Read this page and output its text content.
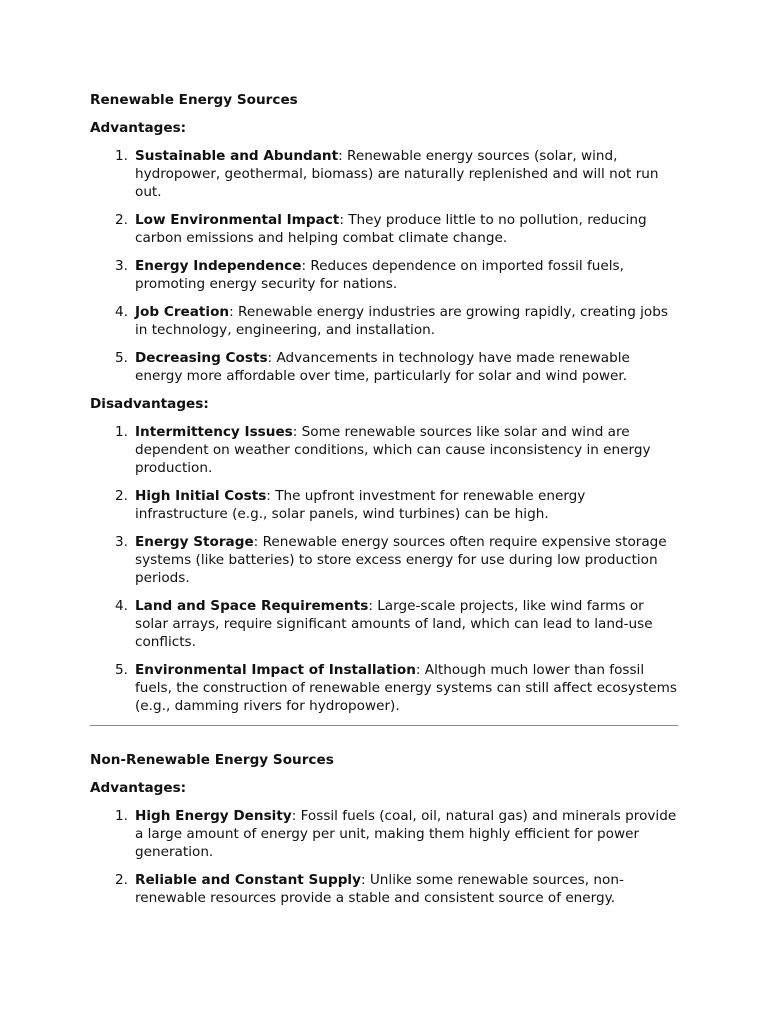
Renewable Energy Sources
Advantages:
1. Sustainable and Abundant: Renewable energy sources (solar, wind, hydropower, geothermal, biomass) are naturally replenished and will not run out.
2. Low Environmental Impact: They produce little to no pollution, reducing carbon emissions and helping combat climate change.
3. Energy Independence: Reduces dependence on imported fossil fuels, promoting energy security for nations.
4. Job Creation: Renewable energy industries are growing rapidly, creating jobs in technology, engineering, and installation.
5. Decreasing Costs: Advancements in technology have made renewable energy more affordable over time, particularly for solar and wind power.
Disadvantages:
1. Intermittency Issues: Some renewable sources like solar and wind are dependent on weather conditions, which can cause inconsistency in energy production.
2. High Initial Costs: The upfront investment for renewable energy infrastructure (e.g., solar panels, wind turbines) can be high.
3. Energy Storage: Renewable energy sources often require expensive storage systems (like batteries) to store excess energy for use during low production periods.
4. Land and Space Requirements: Large-scale projects, like wind farms or solar arrays, require significant amounts of land, which can lead to land-use conflicts.
5. Environmental Impact of Installation: Although much lower than fossil fuels, the construction of renewable energy systems can still affect ecosystems (e.g., damming rivers for hydropower).
Non-Renewable Energy Sources
Advantages:
1. High Energy Density: Fossil fuels (coal, oil, natural gas) and minerals provide a large amount of energy per unit, making them highly efficient for power generation.
2. Reliable and Constant Supply: Unlike some renewable sources, non-renewable resources provide a stable and consistent source of energy.
